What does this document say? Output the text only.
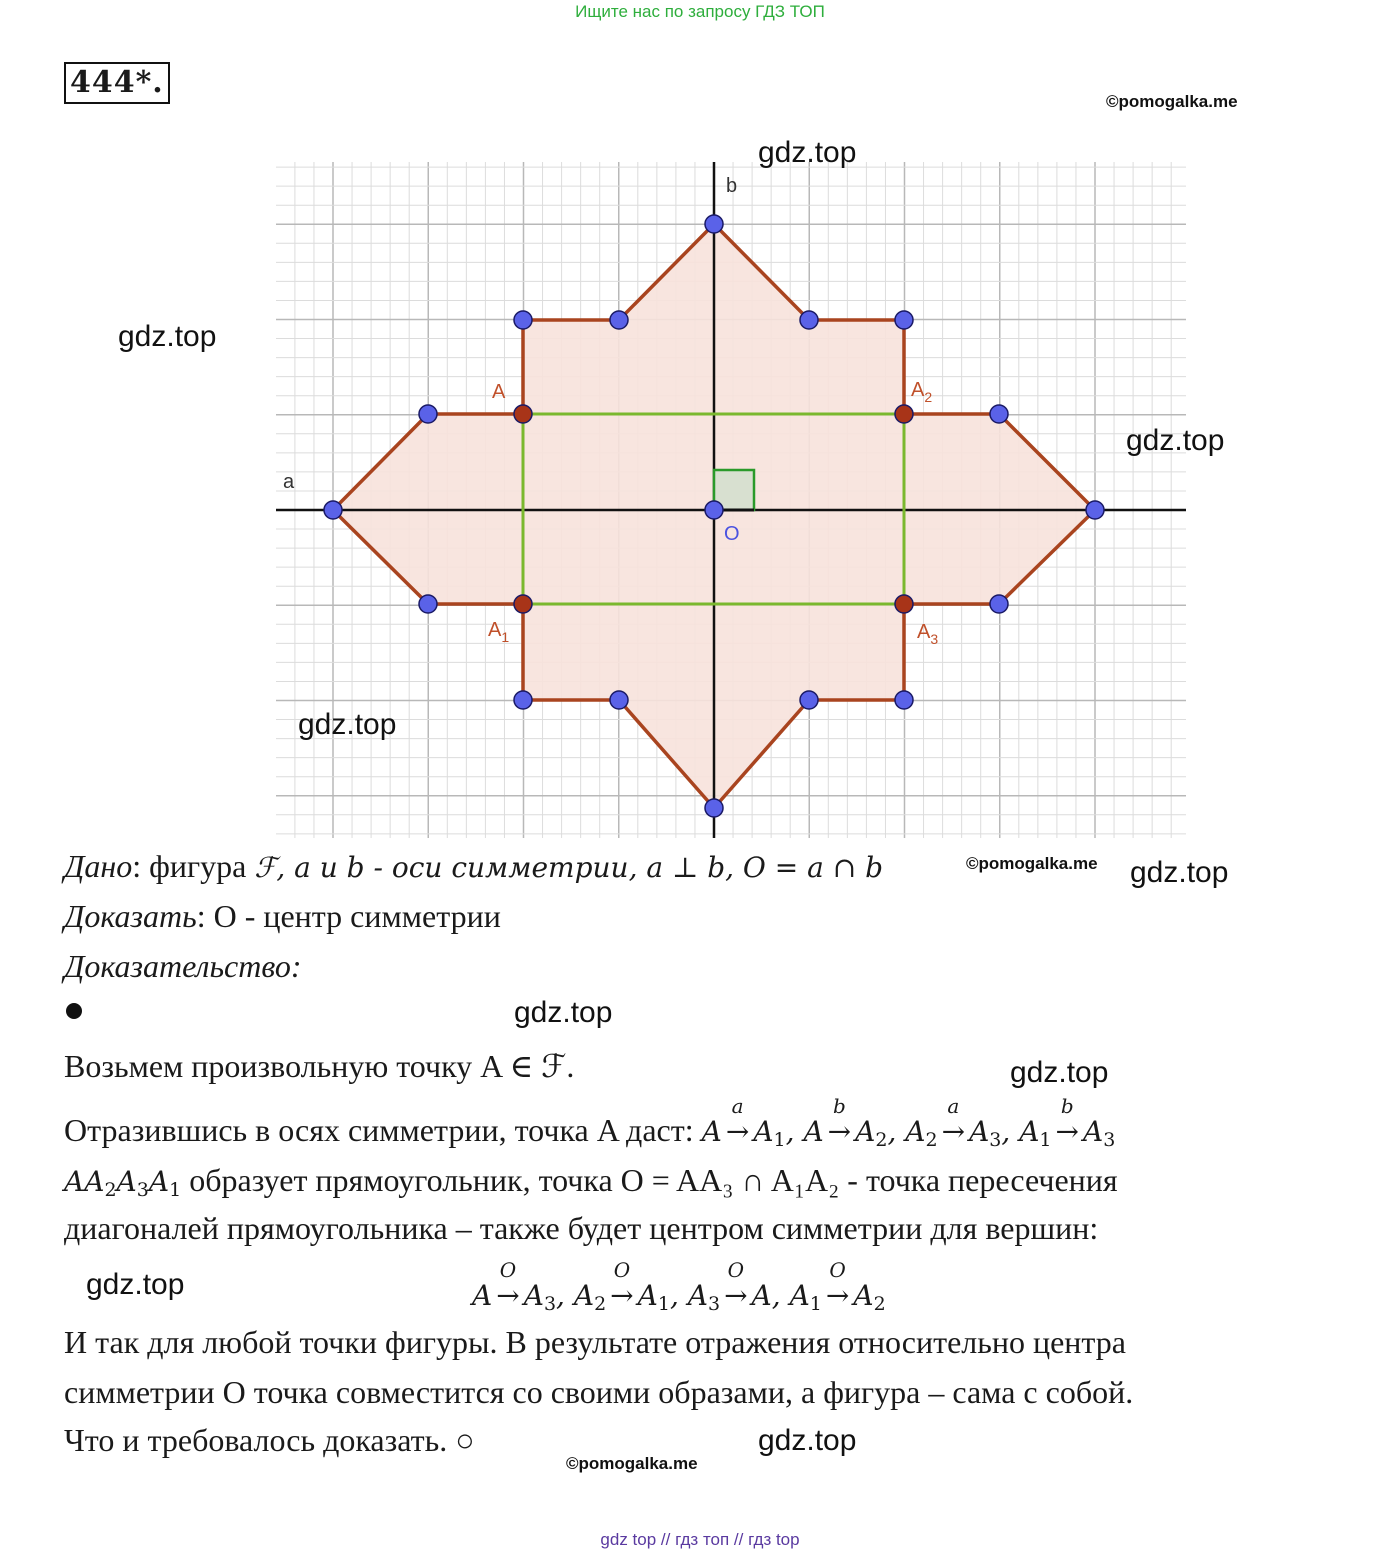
Ищите нас по запросу ГДЗ ТОП
444*.
©pomogalka.me
a
b
O
A
$A_1$
$A_2$
$A_3$
gdz.top
gdz.top
gdz.top
gdz.top
Дано: фигура ℱ, a и b - оси симметрии, a ⊥ b, O = a ∩ b	©pomogalka.me gdz.top
Доказать: O - центр симметрии
Доказательство:
gdz.top
Возьмем произвольную точку A ∈ ℱ.	gdz.top
Отразившись в осях симметрии, точка A даст: A →
a
$A_1$, A →
b
$A_2$, $A_2$ →
a
$A_3$, $A_1$ →
b
$A_3$
$AA_2A_3A_1$ образует прямоугольник, точка O = AA₃ ∩ A₁A₂ - точка пересечения
диагоналей прямоугольника – также будет центром симметрии для вершин:
gdz.top	A →
O
$A_3$, $A_2$ →
O
$A_1$, $A_3$ →
O
A, $A_1$ →
O
$A_2$
И так для любой точки фигуры. В результате отражения относительно центра
симметрии O точка совместится со своими образами, а фигура – сама с собой.
Что и требовалось доказать. ○	gdz.top
©pomogalka.me
gdz top // гдз топ // гдз top
